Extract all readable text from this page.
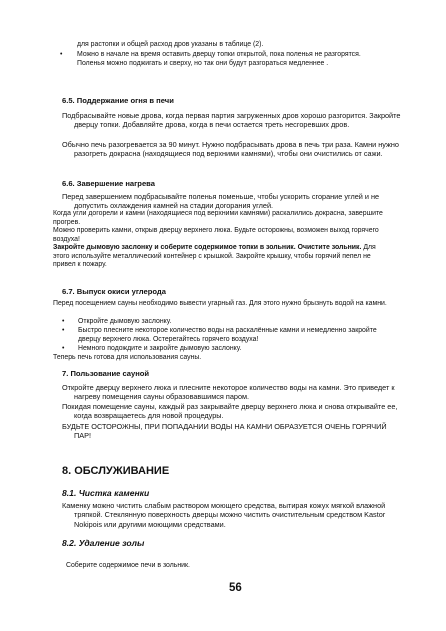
для растопки и общей расход дров указаны в таблице (2).

• Можно в начале на время оставить дверцу топки открытой, пока поленья не разгорятся. Поленья можно поджигать и сверху, но так они будут разгораться медленнее .

6.5. Поддержание огня в печи

Подбрасывайте новые дрова, когда первая партия загруженных дров хорошо разгорится. Закройте дверцу топки. Добавляйте дрова, когда в печи остается треть несгоревших дров.

Обычно печь разогревается за 90 минут. Нужно подбрасывать дрова в печь три раза. Камни нужно разогреть докрасна (находящиеся под верхними камнями), чтобы они очистились от сажи.

6.6. Завершение нагрева

Перед завершением подбрасывайте поленья поменьше, чтобы ускорить сгорание углей и не допустить охлаждения камней на стадии догорания углей.

Когда угли догорели и камни (находящиеся под верхними камнями) раскалились докрасна, завершите прогрев.

Можно проверить камни, открыв дверцу верхнего люка. Будьте осторожны, возможен выход горячего воздуха!

Закройте дымовую заслонку и соберите содержимое топки в зольник. Очистите зольник. Для этого используйте металлический контейнер с крышкой. Закройте крышку, чтобы горячий пепел не привел к пожару.

6.7. Выпуск окиси углерода

Перед посещением сауны необходимо вывести угарный газ. Для этого нужно брызнуть водой на камни.

• Откройте дымовую заслонку.

• Быстро плесните некоторое количество воды на раскалённые камни и немедленно закройте дверцу верхнего люка. Остерегайтесь горячего воздуха!

• Немного подождите и закройте дымовую заслонку.

Теперь печь готова для использования сауны.

7. Пользование сауной

Откройте дверцу верхнего люка и плесните некоторое количество воды на камни. Это приведет к нагреву помещения сауны образовавшимся паром.

Покидая помещение сауны, каждый раз закрывайте дверцу верхнего люка и снова открывайте ее, когда возвращаетесь для новой процедуры.

БУДЬТЕ ОСТОРОЖНЫ, ПРИ ПОПАДАНИИ ВОДЫ НА КАМНИ ОБРАЗУЕТСЯ ОЧЕНЬ ГОРЯЧИЙ ПАР!

8. ОБСЛУЖИВАНИЕ

8.1. Чистка каменки

Каменку можно чистить слабым раствором моющего средства, вытирая кожух мягкой влажной тряпкой. Стеклянную поверхность дверцы можно чистить очистительным средством Kastor Nokipois или другими моющими средствами.

8.2. Удаление золы

Соберите содержимое печи в зольник.

56
